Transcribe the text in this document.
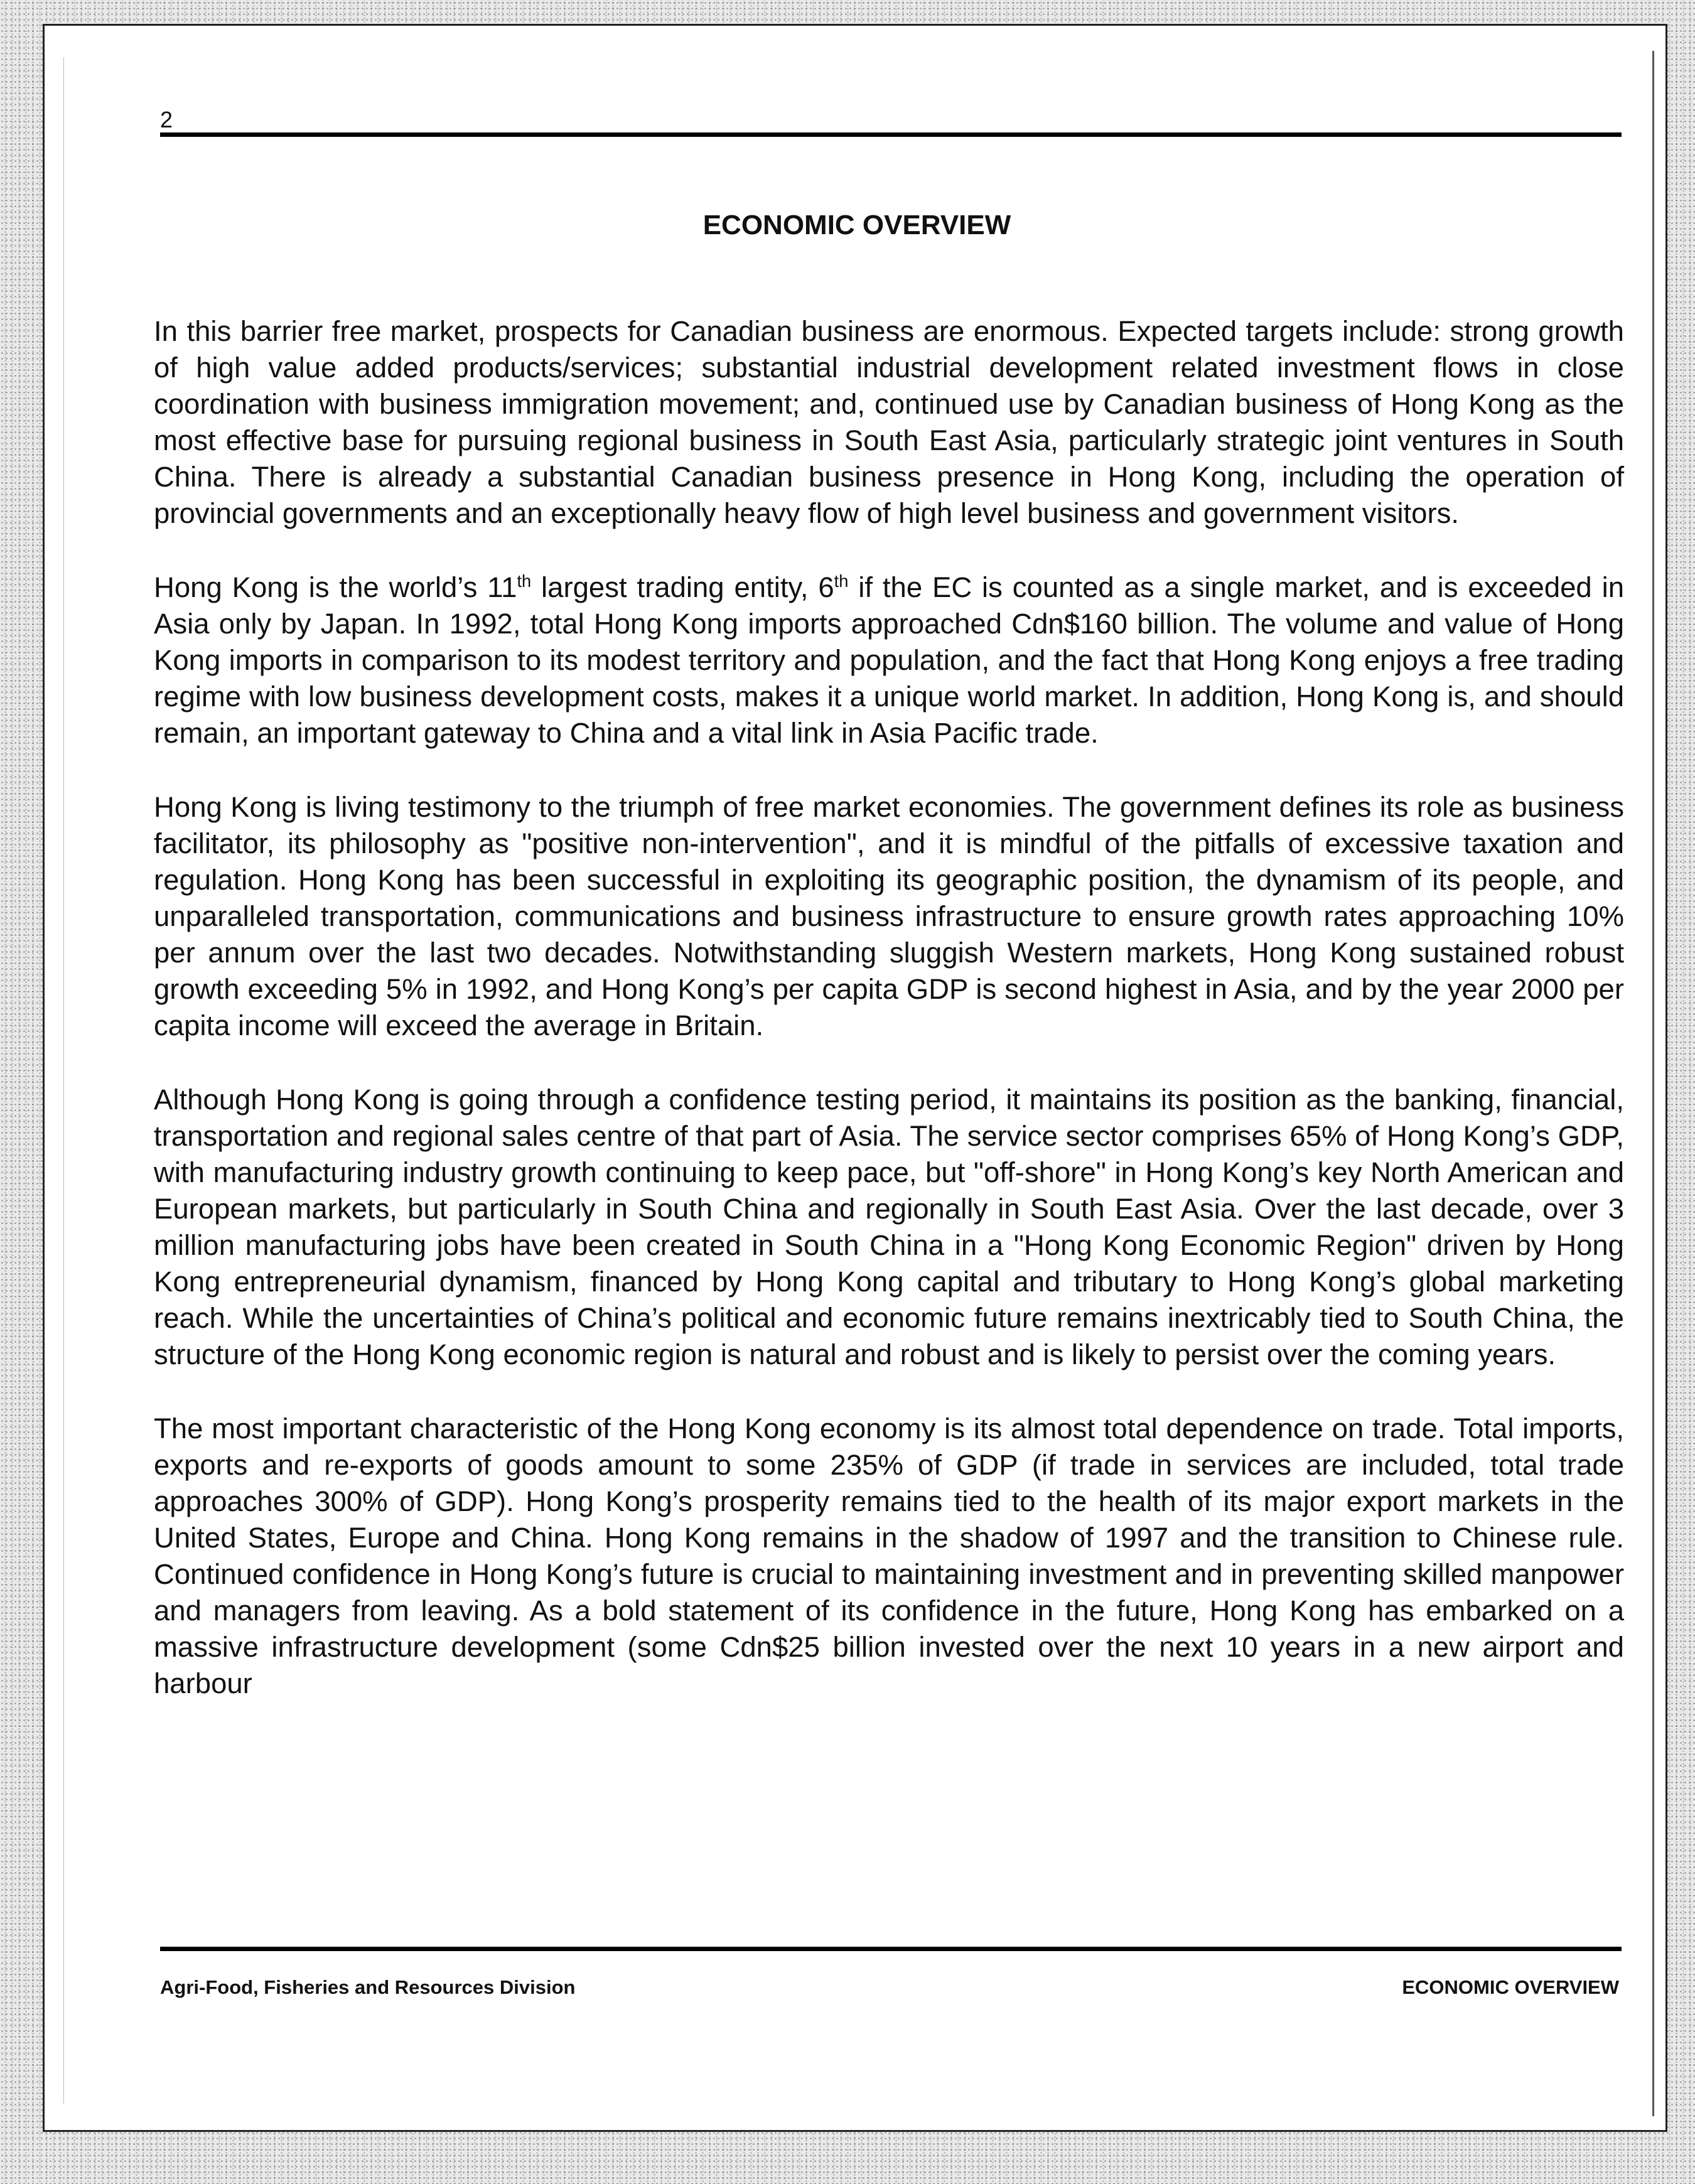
2

ECONOMIC OVERVIEW

In this barrier free market, prospects for Canadian business are enormous. Expected targets include: strong growth of high value added products/services; substantial industrial development related investment flows in close coordination with business immigration movement; and, continued use by Canadian business of Hong Kong as the most effective base for pursuing regional business in South East Asia, particularly strategic joint ventures in South China. There is already a substantial Canadian business presence in Hong Kong, including the operation of provincial governments and an exceptionally heavy flow of high level business and government visitors.

Hong Kong is the world’s 11th largest trading entity, 6th if the EC is counted as a single market, and is exceeded in Asia only by Japan. In 1992, total Hong Kong imports approached Cdn$160 billion. The volume and value of Hong Kong imports in comparison to its modest territory and population, and the fact that Hong Kong enjoys a free trading regime with low business development costs, makes it a unique world market. In addition, Hong Kong is, and should remain, an important gateway to China and a vital link in Asia Pacific trade.

Hong Kong is living testimony to the triumph of free market economies. The government defines its role as business facilitator, its philosophy as "positive non-intervention", and it is mindful of the pitfalls of excessive taxation and regulation. Hong Kong has been successful in exploiting its geographic position, the dynamism of its people, and unparalleled transportation, communications and business infrastructure to ensure growth rates approaching 10% per annum over the last two decades. Notwithstanding sluggish Western markets, Hong Kong sustained robust growth exceeding 5% in 1992, and Hong Kong’s per capita GDP is second highest in Asia, and by the year 2000 per capita income will exceed the average in Britain.

Although Hong Kong is going through a confidence testing period, it maintains its position as the banking, financial, transportation and regional sales centre of that part of Asia. The service sector comprises 65% of Hong Kong’s GDP, with manufacturing industry growth continuing to keep pace, but "off-shore" in Hong Kong’s key North American and European markets, but particularly in South China and regionally in South East Asia. Over the last decade, over 3 million manufacturing jobs have been created in South China in a "Hong Kong Economic Region" driven by Hong Kong entrepreneurial dynamism, financed by Hong Kong capital and tributary to Hong Kong’s global marketing reach. While the uncertainties of China’s political and economic future remains inextricably tied to South China, the structure of the Hong Kong economic region is natural and robust and is likely to persist over the coming years.

The most important characteristic of the Hong Kong economy is its almost total dependence on trade. Total imports, exports and re-exports of goods amount to some 235% of GDP (if trade in services are included, total trade approaches 300% of GDP). Hong Kong’s prosperity remains tied to the health of its major export markets in the United States, Europe and China. Hong Kong remains in the shadow of 1997 and the transition to Chinese rule. Continued confidence in Hong Kong’s future is crucial to maintaining investment and in preventing skilled manpower and managers from leaving. As a bold statement of its confidence in the future, Hong Kong has embarked on a massive infrastructure development (some Cdn$25 billion invested over the next 10 years in a new airport and harbour

Agri-Food, Fisheries and Resources Division	ECONOMIC OVERVIEW
